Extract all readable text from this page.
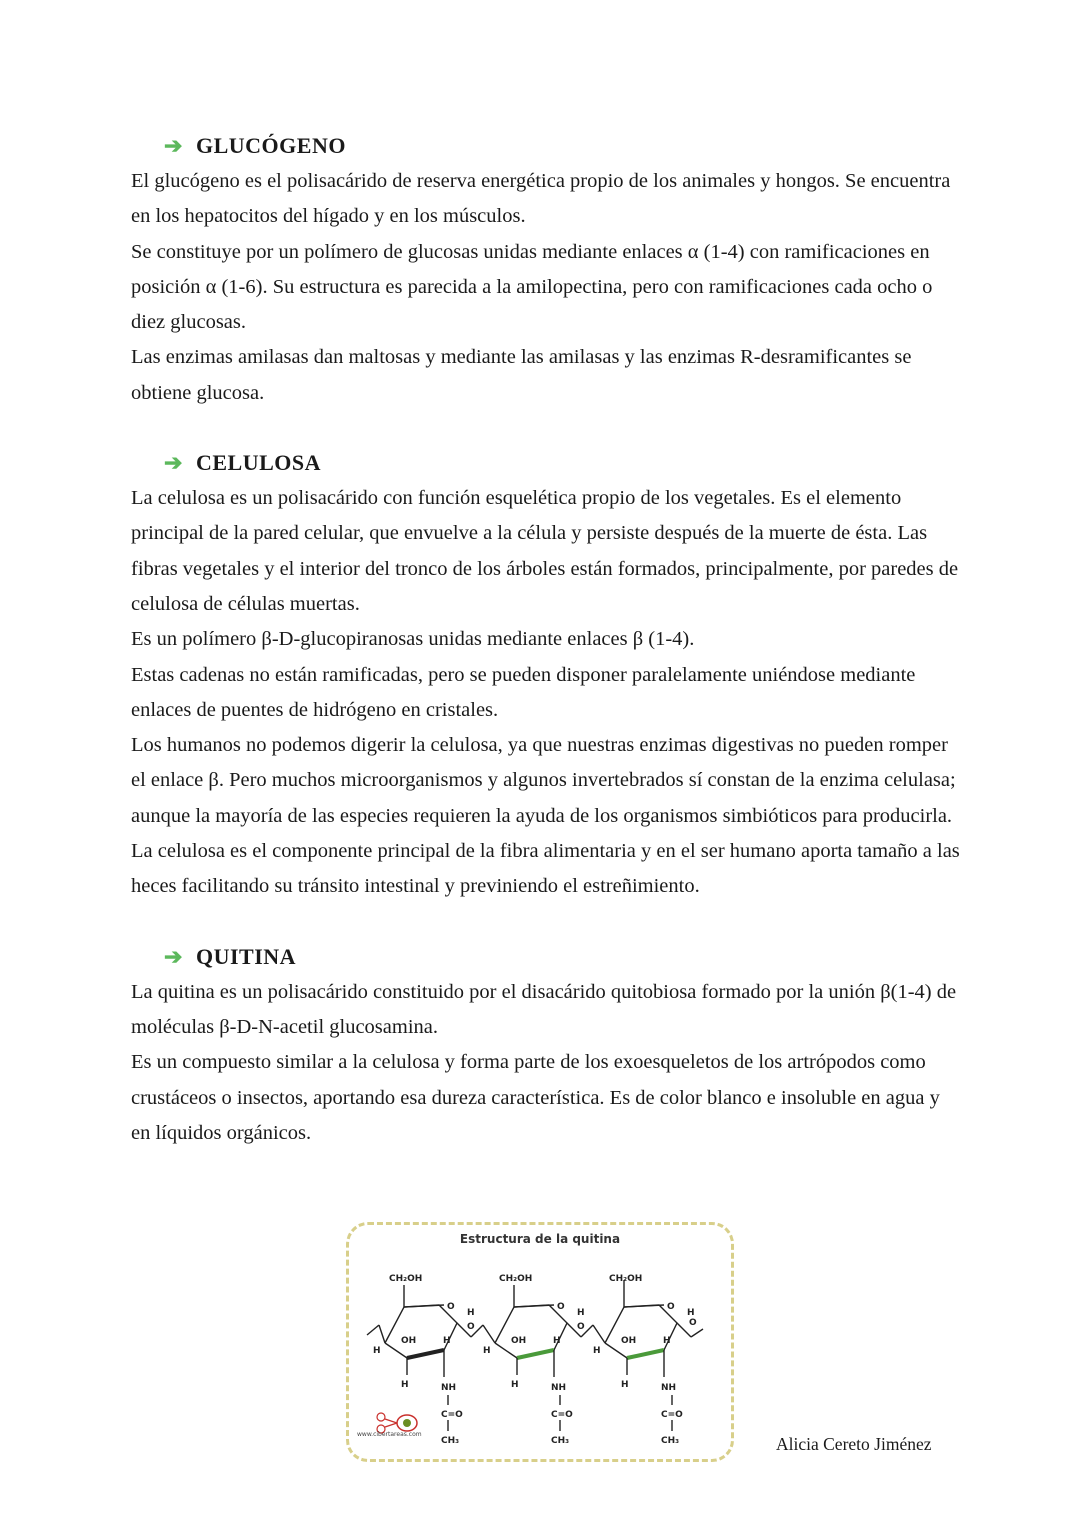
➔ GLUCÓGENO

El glucógeno es el polisacárido de reserva energética propio de los animales y hongos. Se encuentra en los hepatocitos del hígado y en los músculos.

Se constituye por un polímero de glucosas unidas mediante enlaces α (1-4) con ramificaciones en posición α (1-6). Su estructura es parecida a la amilopectina, pero con ramificaciones cada ocho o diez glucosas.

Las enzimas amilasas dan maltosas y mediante las amilasas y las enzimas R-desramificantes se obtiene glucosa.

➔ CELULOSA

La celulosa es un polisacárido con función esquelética propio de los vegetales. Es el elemento principal de la pared celular, que envuelve a la célula y persiste después de la muerte de ésta. Las fibras vegetales y el interior del tronco de los árboles están formados, principalmente, por paredes de celulosa de células muertas.

Es un polímero β-D-glucopiranosas unidas mediante enlaces β (1-4).

Estas cadenas no están ramificadas, pero se pueden disponer paralelamente uniéndose mediante enlaces de puentes de hidrógeno en cristales.

Los humanos no podemos digerir la celulosa, ya que nuestras enzimas digestivas no pueden romper el enlace β. Pero muchos microorganismos y algunos invertebrados sí constan de la enzima celulasa; aunque la mayoría de las especies requieren la ayuda de los organismos simbióticos para producirla.

La celulosa es el componente principal de la fibra alimentaria y en el ser humano aporta tamaño a las heces facilitando su tránsito intestinal y previniendo el estreñimiento.

➔ QUITINA

La quitina es un polisacárido constituido por el disacárido quitobiosa formado por la unión β(1-4) de moléculas β-D-N-acetil glucosamina.

Es un compuesto similar a la celulosa y forma parte de los exoesqueletos de los artrópodos como crustáceos o insectos, aportando esa dureza característica. Es de color blanco e insoluble en agua y en líquidos orgánicos.

Estructura de la quitina
CH₂OH
O
H
OH	H
H
H	NH
C=O
CH₃
CH₂OH
O
H
OH	H
H
H	NH
C=O
CH₃
CH₂OH
O
H
OH	H
H
H	NH
C=O
CH₃
O	O	O
www.cibertareas.com	Alicia Cereto Jiménez
